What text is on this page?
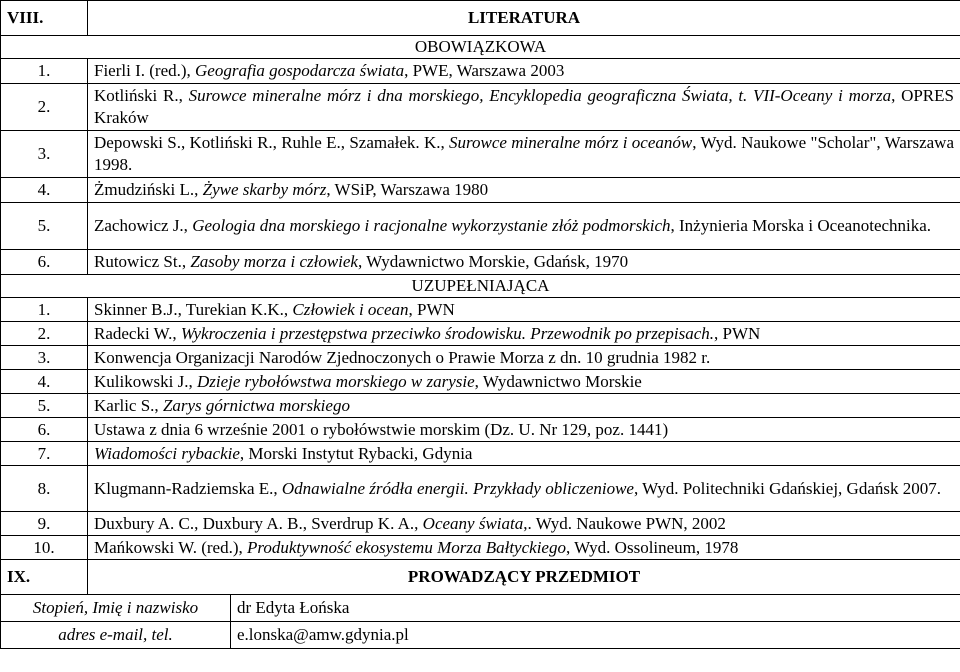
VIII.	LITERATURA	
OBOWIĄZKOWA		
1.	Fierli I. (red.), Geografia gospodarcza świata, PWE, Warszawa 2003	
2.	Kotliński R., Surowce mineralne mórz i dna morskiego, Encyklopedia geograficzna Świata, t. VII-Oceany i morza, OPRES Kraków	
3.	Depowski S., Kotliński R., Ruhle E., Szamałek. K., Surowce mineralne mórz i oceanów, Wyd. Naukowe "Scholar", Warszawa 1998.	
4.	Żmudziński L., Żywe skarby mórz, WSiP, Warszawa 1980	
5.	Zachowicz J., Geologia dna morskiego i racjonalne wykorzystanie złóż podmorskich, Inżynieria Morska i Oceanotechnika.	
6.	Rutowicz St., Zasoby morza i człowiek, Wydawnictwo Morskie, Gdańsk, 1970	
UZUPEŁNIAJĄCA		
1.	Skinner B.J., Turekian K.K., Człowiek i ocean, PWN	
2.	Radecki W., Wykroczenia i przestępstwa przeciwko środowisku. Przewodnik po przepisach., PWN	
3.	Konwencja Organizacji Narodów Zjednoczonych o Prawie Morza z dn. 10 grudnia 1982 r.	
4.	Kulikowski J., Dzieje rybołówstwa morskiego w zarysie, Wydawnictwo Morskie	
5.	Karlic S., Zarys górnictwa morskiego	
6.	Ustawa z dnia 6 wrześnie 2001 o rybołówstwie morskim (Dz. U. Nr 129, poz. 1441)	
7.	Wiadomości rybackie, Morski Instytut Rybacki, Gdynia	
8.	Klugmann-Radziemska E., Odnawialne źródła energii. Przykłady obliczeniowe, Wyd. Politechniki Gdańskiej, Gdańsk 2007.	
9.	Duxbury A. C., Duxbury A. B., Sverdrup K. A., Oceany świata,. Wyd. Naukowe PWN, 2002	
10.	Mańkowski W. (red.), Produktywność ekosystemu Morza Bałtyckiego, Wyd. Ossolineum, 1978	
IX.	PROWADZĄCY PRZEDMIOT	
Stopień, Imię i nazwisko		dr Edyta Łońska
adres e-mail, tel.		e.lonska@amw.gdynia.pl
